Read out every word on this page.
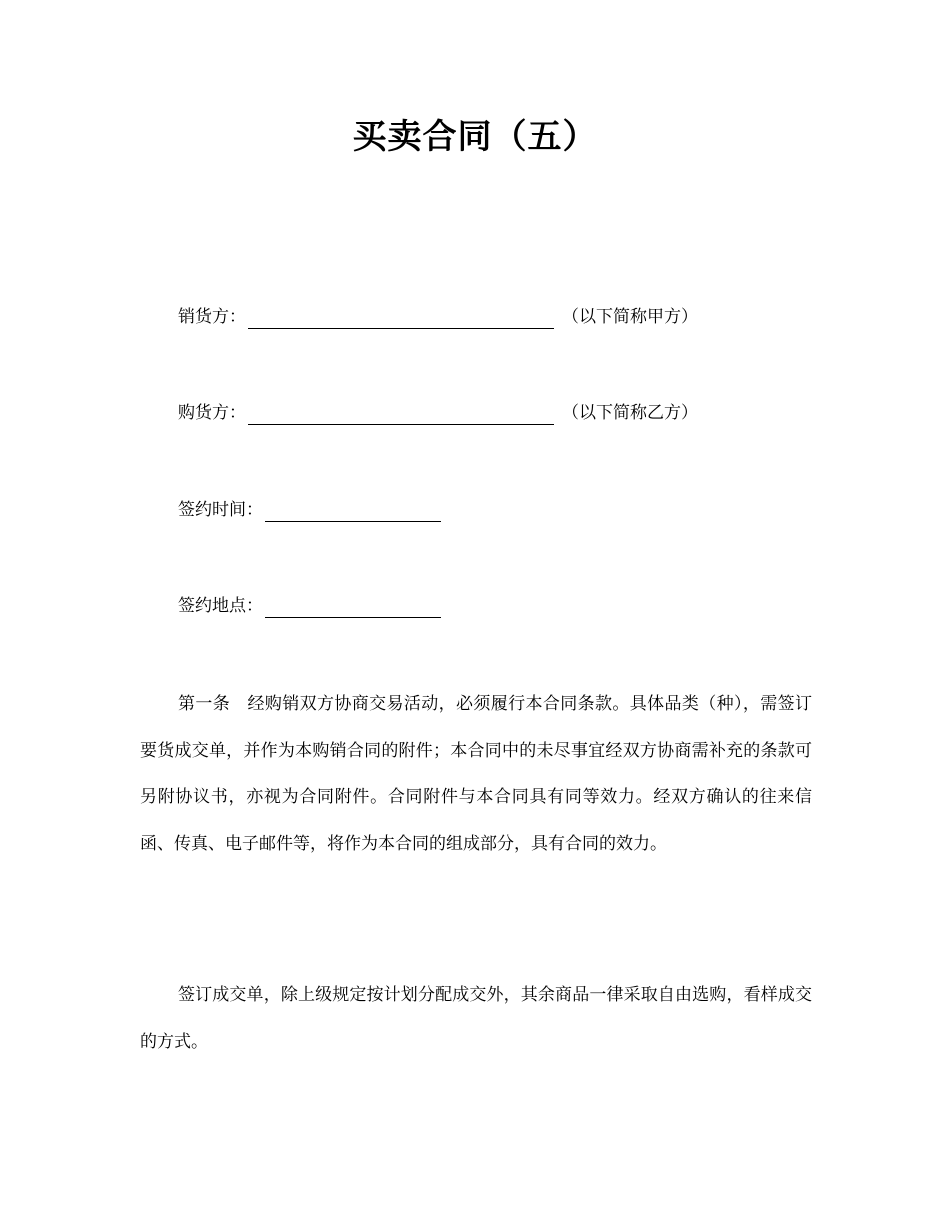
买卖合同（五）
销货方：	（以下简称甲方）
购货方：	（以下简称乙方）
签约时间：
签约地点：

第一条　经购销双方协商交易活动，必须履行本合同条款。具体品类（种），需签订要货成交单，并作为本购销合同的附件；本合同中的未尽事宜经双方协商需补充的条款可另附协议书，亦视为合同附件。合同附件与本合同具有同等效力。经双方确认的往来信函、传真、电子邮件等，将作为本合同的组成部分，具有合同的效力。

签订成交单，除上级规定按计划分配成交外，其余商品一律采取自由选购，看样成交的方式。
